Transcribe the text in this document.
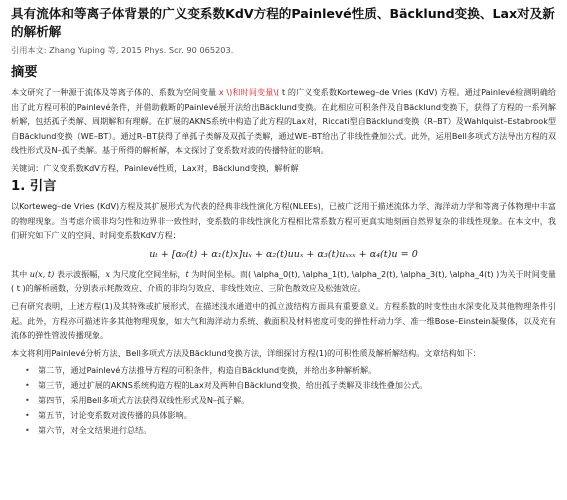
具有流体和等离子体背景的广义变系数KdV方程的Painlevé性质、Bäcklund变换、Lax对及新的解析解
引用本文: Zhang Yuping 等, 2015 Phys. Scr. 90 065203.
摘要

本文研究了一种源于流体及等离子体的、系数为空间变量 x \)和时间变量\( t 的广义变系数Korteweg–de Vries (KdV) 方程。通过Painlevé检测明确给出了此方程可积的Painlevé条件，并借助截断的Painlevé展开法给出Bäcklund变换。在此相应可积条件及自Bäcklund变换下，获得了方程的一系列解析解，包括孤子类解、周期解和有理解。在扩展的AKNS系统中构造了此方程的Lax对，Riccati型自Bäcklund变换（R–BT）及Wahlquist–Estabrook型自Bäcklund变换（WE–BT）。通过R–BT获得了单孤子类解及双孤子类解，通过WE–BT给出了非线性叠加公式。此外，运用Bell多项式方法导出方程的双线性形式及N–孤子类解。基于所得的解析解，本文探讨了变系数对波的传播特征的影响。

关键词：广义变系数KdV方程，Painlevé性质，Lax对，Bäcklund变换，解析解

1. 引言

以Korteweg–de Vries (KdV)方程及其扩展形式为代表的经典非线性演化方程(NLEEs)，已被广泛用于描述流体力学、海洋动力学和等离子体物理中丰富的物理现象。当考虑介质非均匀性和边界非一致性时，变系数的非线性演化方程相比常系数方程可更真实地刻画自然界复杂的非线性现象。在本文中，我们研究如下广义的空间、时间变系数KdV方程：

uₜ + [α₀(t) + α₁(t)x]uₓ + α₂(t)uuₓ + α₃(t)uₓₓₓ + α₄(t)u = 0

其中 u(x, t) 表示波振幅，x 为尺度化空间坐标，t 为时间坐标。而( \alpha_0(t), \alpha_1(t), \alpha_2(t), \alpha_3(t), \alpha_4(t) )为关于时间变量( t )的解析函数，分别表示耗散效应、介质的非均匀效应、非线性效应、三阶色散效应及松弛效应。

已有研究表明，上述方程(1)及其特殊或扩展形式，在描述浅水通道中的孤立波结构方面具有重要意义。方程系数的时变性由水深变化及其他物理条件引起。此外，方程亦可描述许多其他物理现象，如大气和海洋动力系统、截面积及材料密度可变的弹性杆动力学、准一维Bose–Einstein凝聚体，以及充有流体的弹性管波传播现象。

本文将利用Painlevé分析方法、Bell多项式方法及Bäcklund变换方法，详细探讨方程(1)的可积性质及解析解结构。文章结构如下：

• 第二节，通过Painlevé方法推导方程的可积条件，构造自Bäcklund变换，并给出多种解析解。
• 第三节，通过扩展的AKNS系统构造方程的Lax对及两种自Bäcklund变换，给出孤子类解及非线性叠加公式。
• 第四节，采用Bell多项式方法获得双线性形式及N–孤子解。
• 第五节，讨论变系数对波传播的具体影响。
• 第六节，对全文结果进行总结。
